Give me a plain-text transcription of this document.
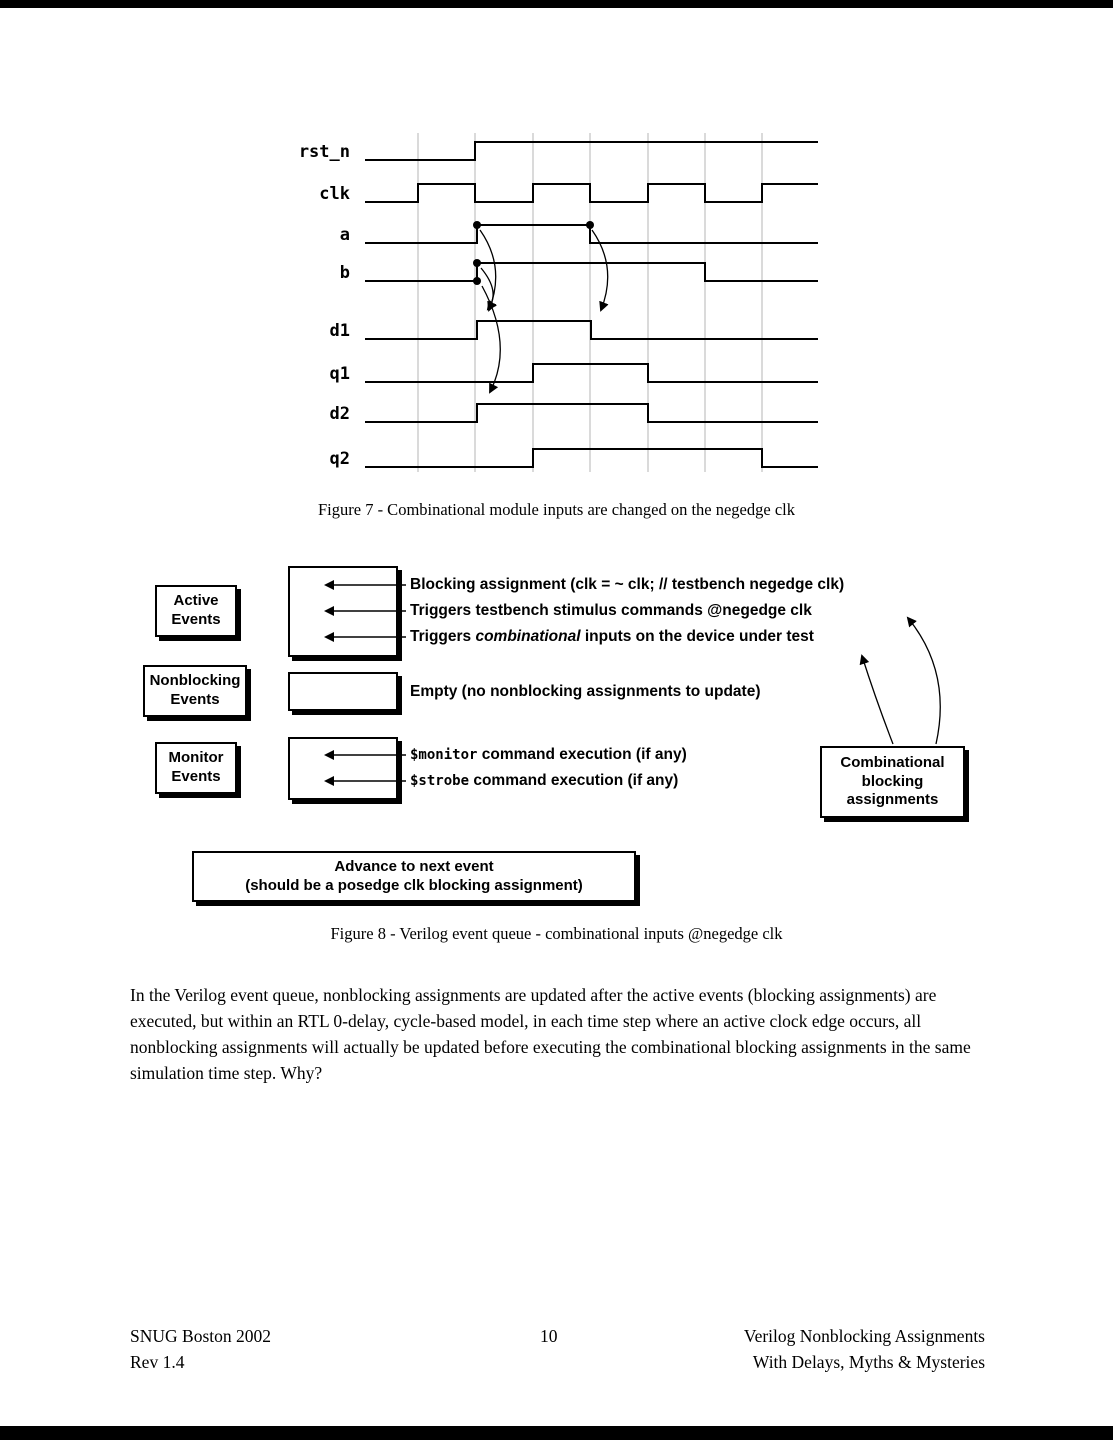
rst_n
clk
a
b
d1
q1
d2
q2
Figure 7 - Combinational module inputs are changed on the negedge clk
Active Events
Nonblocking Events
Monitor Events
Combinational blocking assignments
Advance to next event
(should be a posedge clk blocking assignment)
Blocking assignment (clk = ~ clk; // testbench negedge clk)
Triggers testbench stimulus commands @negedge clk
Triggers combinational inputs on the device under test
Empty (no nonblocking assignments to update)
$monitor command execution (if any)
$strobe command execution (if any)
Figure 8 - Verilog event queue - combinational inputs @negedge clk
In the Verilog event queue, nonblocking assignments are updated after the active events (blocking assignments) are executed, but within an RTL 0-delay, cycle-based model, in each time step where an active clock edge occurs, all nonblocking assignments will actually be updated before executing the combinational blocking assignments in the same simulation time step. Why?
SNUG Boston 2002
Rev 1.4
10	Verilog Nonblocking Assignments
With Delays, Myths & Mysteries
